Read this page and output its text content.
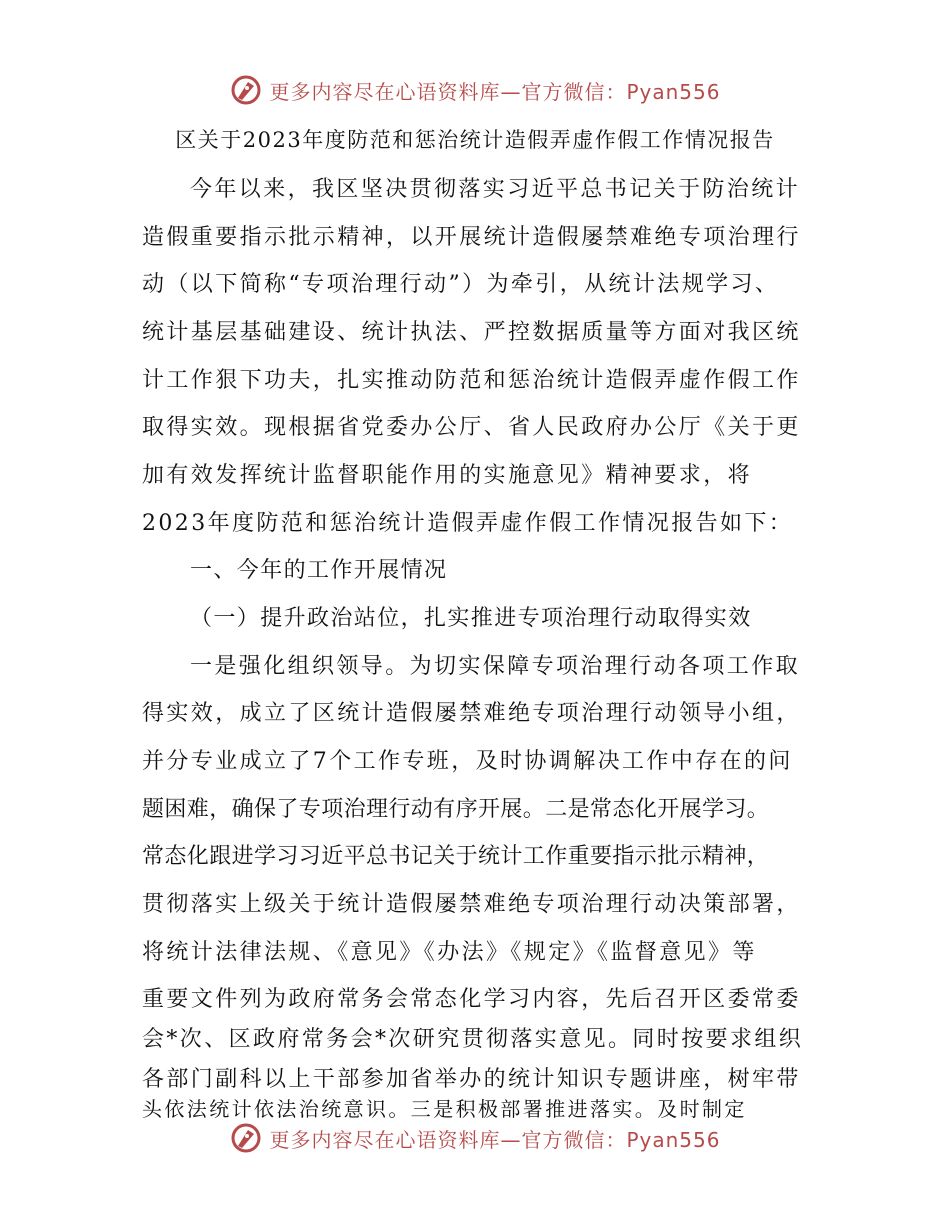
更多内容尽在心语资料库—官方微信：Pyan556
区关于2023年度防范和惩治统计造假弄虚作假工作情况报告
今年以来，我区坚决贯彻落实习近平总书记关于防治统计
造假重要指示批示精神，以开展统计造假屡禁难绝专项治理行
动（以下简称“专项治理行动”）为牵引，从统计法规学习、
统计基层基础建设、统计执法、严控数据质量等方面对我区统
计工作狠下功夫，扎实推动防范和惩治统计造假弄虚作假工作
取得实效。现根据省党委办公厅、省人民政府办公厅《关于更
加有效发挥统计监督职能作用的实施意见》精神要求，将
2023年度防范和惩治统计造假弄虚作假工作情况报告如下：
一、今年的工作开展情况
（一）提升政治站位，扎实推进专项治理行动取得实效
一是强化组织领导。为切实保障专项治理行动各项工作取
得实效，成立了区统计造假屡禁难绝专项治理行动领导小组，
并分专业成立了7个工作专班，及时协调解决工作中存在的问
题困难，确保了专项治理行动有序开展。二是常态化开展学习。
常态化跟进学习习近平总书记关于统计工作重要指示批示精神，
贯彻落实上级关于统计造假屡禁难绝专项治理行动决策部署，
将统计法律法规、《意见》《办法》《规定》《监督意见》等
重要文件列为政府常务会常态化学习内容，先后召开区委常委
会*次、区政府常务会*次研究贯彻落实意见。同时按要求组织
各部门副科以上干部参加省举办的统计知识专题讲座，树牢带
更多内容尽在心语资料库—官方微信：Pyan556
头依法统计依法治统意识。三是积极部署推进落实。及时制定
